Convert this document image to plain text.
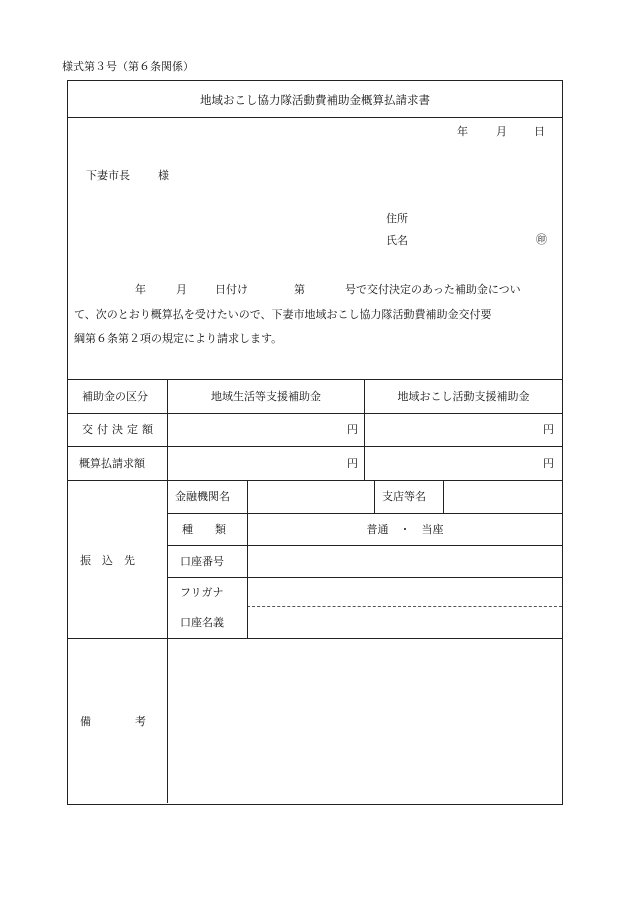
様式第３号（第６条関係）
地域おこし協力隊活動費補助金概算払請求書
年	月 日
下妻市長	様
住所
氏名	㊞
年	月	日付け	第	号で交付決定のあった補助金につい
て、次のとおり概算払を受けたいので、下妻市地域おこし協力隊活動費補助金交付要
綱第６条第２項の規定により請求します。
補助金の区分	地域生活等支援補助金	地域おこし活動支援補助金
交付決定額	円	円
概算払請求額	円	円
振　込　先
金融機関名	支店等名
種　　類	普通　・　当座
口座番号
フリガナ
口座名義
備　　　　考
